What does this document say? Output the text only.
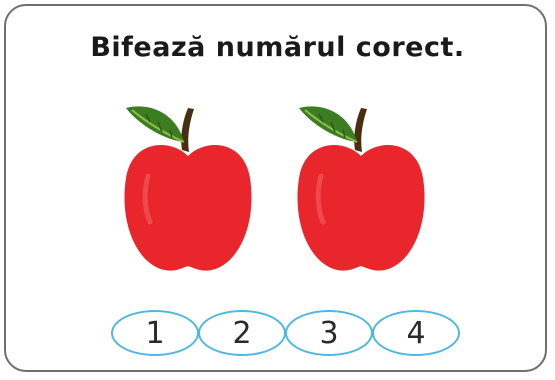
Bifează numărul corect.
1	2	3	4
